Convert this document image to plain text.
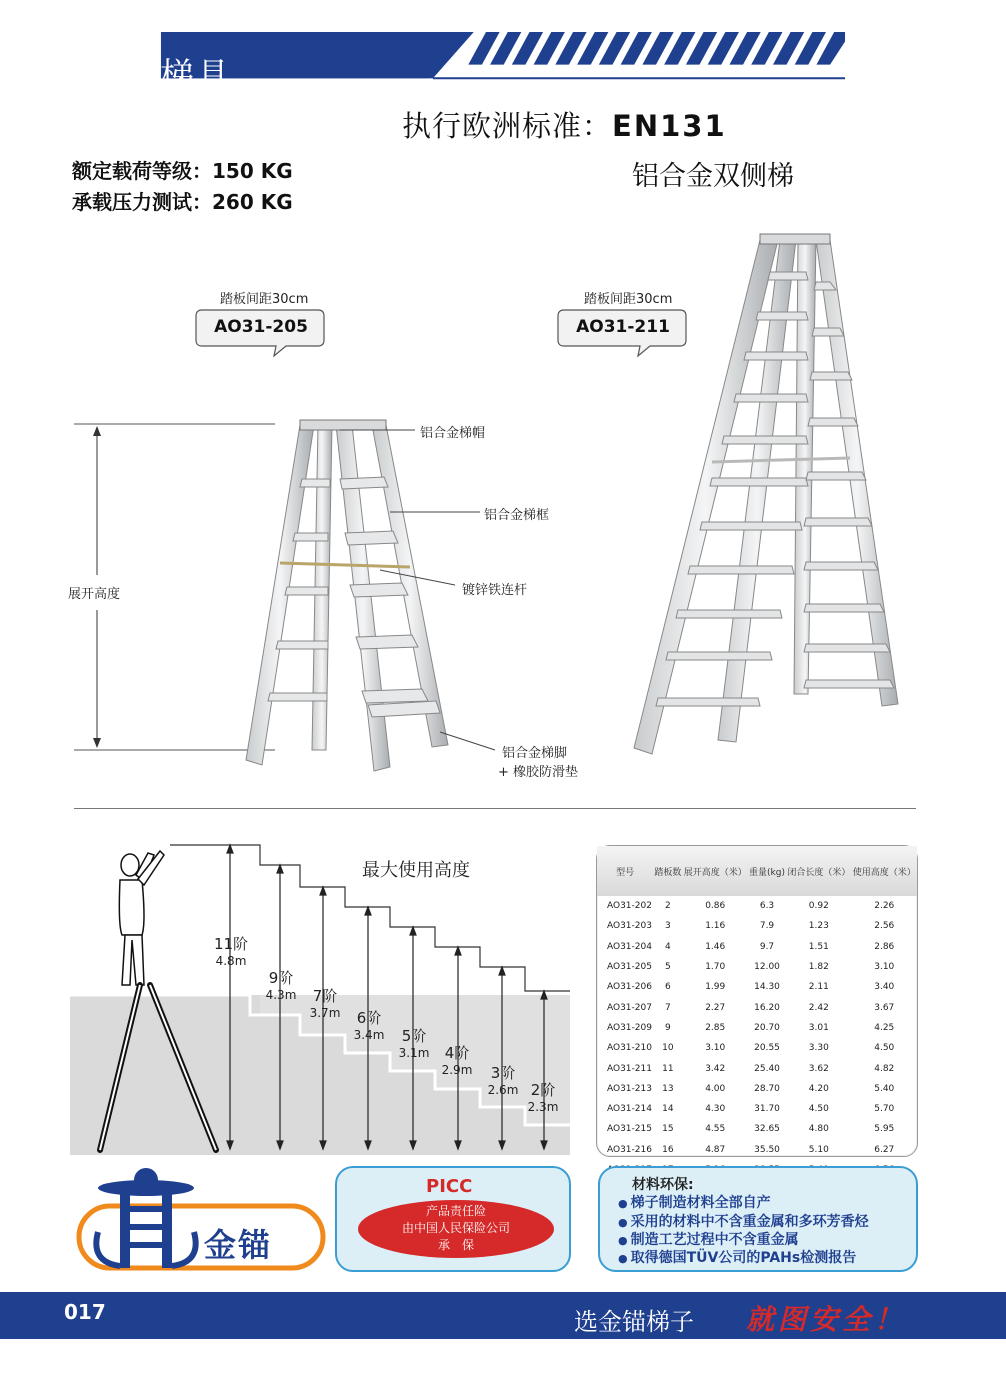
铝合金梯具
标准保证安全 执行欧洲标准：EN131
额定载荷等级：150 KG
承载压力测试：260 KG
铝合金双侧梯
踏板间距30cm
AO31-205
踏板间距30cm
AO31-211
展开高度
铝合金梯帽
铝合金梯框
镀锌铁连杆
铝合金梯脚
+ 橡胶防滑垫
最大使用高度
11阶
4.8m
9阶
4.3m	7阶
3.7m	6阶
3.4m	5阶
3.1m	4阶
2.9m	3阶
2.6m 2阶
2.3m
型号	踏板数	展开高度（米）	重量(kg)	闭合长度（米）	使用高度（米）
AO31-202	2	0.86	6.3	0.92	2.26
AO31-203	3	1.16	7.9	1.23	2.56
AO31-204	4	1.46	9.7	1.51	2.86
AO31-205	5	1.70	12.00	1.82	3.10
AO31-206	6	1.99	14.30	2.11	3.40
AO31-207	7	2.27	16.20	2.42	3.67
AO31-209	9	2.85	20.70	3.01	4.25
AO31-210	10	3.10	20.55	3.30	4.50
AO31-211	11	3.42	25.40	3.62	4.82
AO31-213	13	4.00	28.70	4.20	5.40
AO31-214	14	4.30	31.70	4.50	5.70
AO31-215	15	4.55	32.65	4.80	5.95
AO31-216	16	4.87	35.50	5.10	6.27

金锚
PICC
产品责任险
由中国人民保险公司
承　保
材料环保:
● 梯子制造材料全部自产
● 采用的材料中不含重金属和多环芳香烃
● 制造工艺过程中不含重金属
● 取得德国TÜV公司的PAHs检测报告
017	选金锚梯子 就图安全！
